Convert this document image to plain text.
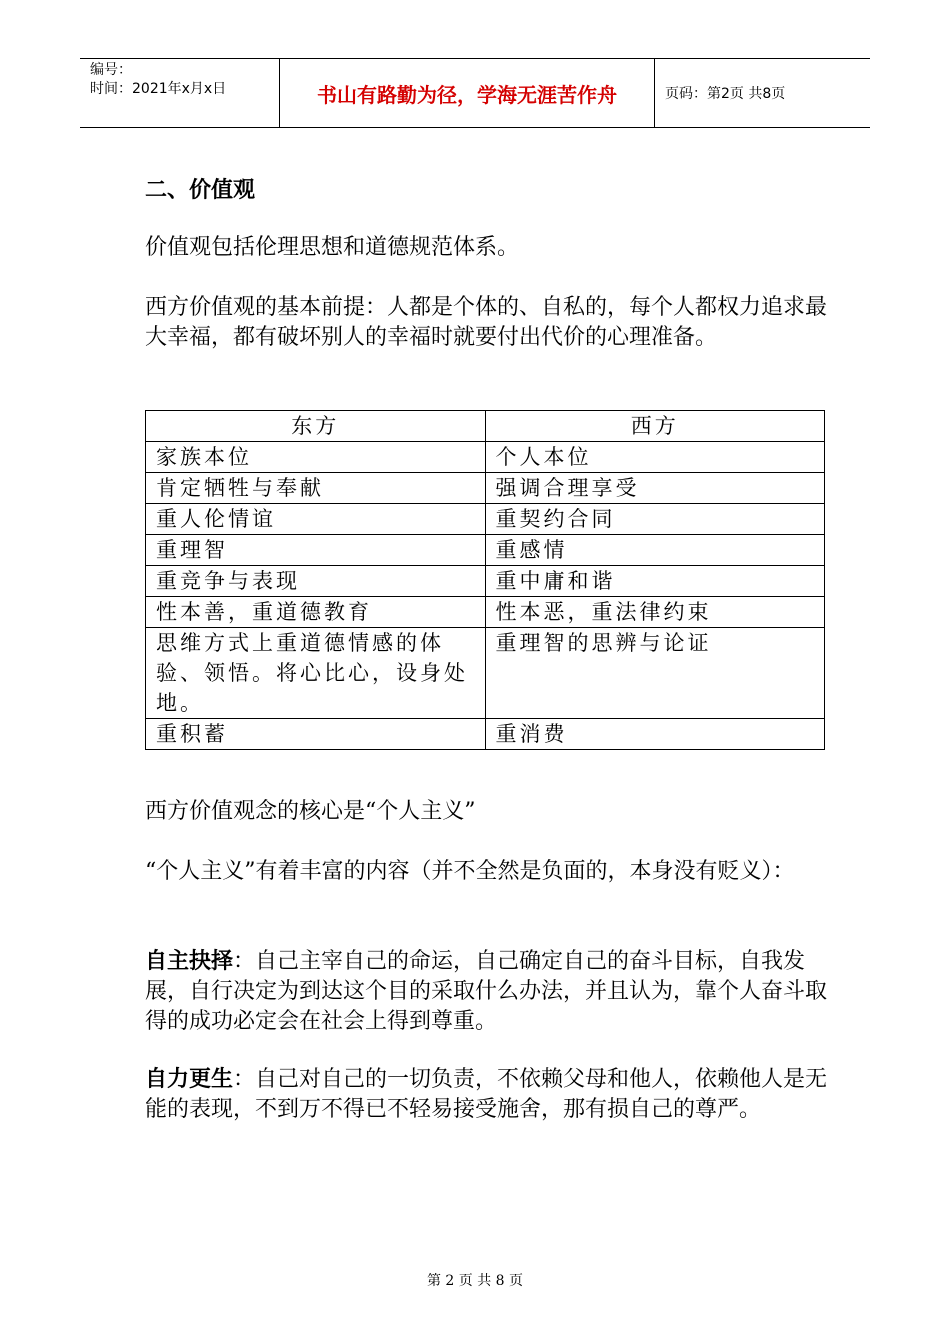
编号：
时间：2021年x月x日	书山有路勤为径，学海无涯苦作舟	页码：第2页 共8页

二、价值观

价值观包括伦理思想和道德规范体系。

西方价值观的基本前提：人都是个体的、自私的，每个人都权力追求最大幸福，都有破坏别人的幸福时就要付出代价的心理准备。

东方	西方
家族本位	个人本位
肯定牺牲与奉献	强调合理享受
重人伦情谊	重契约合同
重理智	重感情
重竞争与表现	重中庸和谐
性本善，重道德教育	性本恶，重法律约束
思维方式上重道德情感的体验、领悟。将心比心，设身处地。	重理智的思辨与论证
重积蓄	重消费

西方价值观念的核心是“个人主义”

“个人主义”有着丰富的内容（并不全然是负面的，本身没有贬义）：

自主抉择：自己主宰自己的命运，自己确定自己的奋斗目标，自我发展，自行决定为到达这个目的采取什么办法，并且认为，靠个人奋斗取得的成功必定会在社会上得到尊重。

自力更生：自己对自己的一切负责，不依赖父母和他人，依赖他人是无能的表现，不到万不得已不轻易接受施舍，那有损自己的尊严。

第 2 页 共 8 页
